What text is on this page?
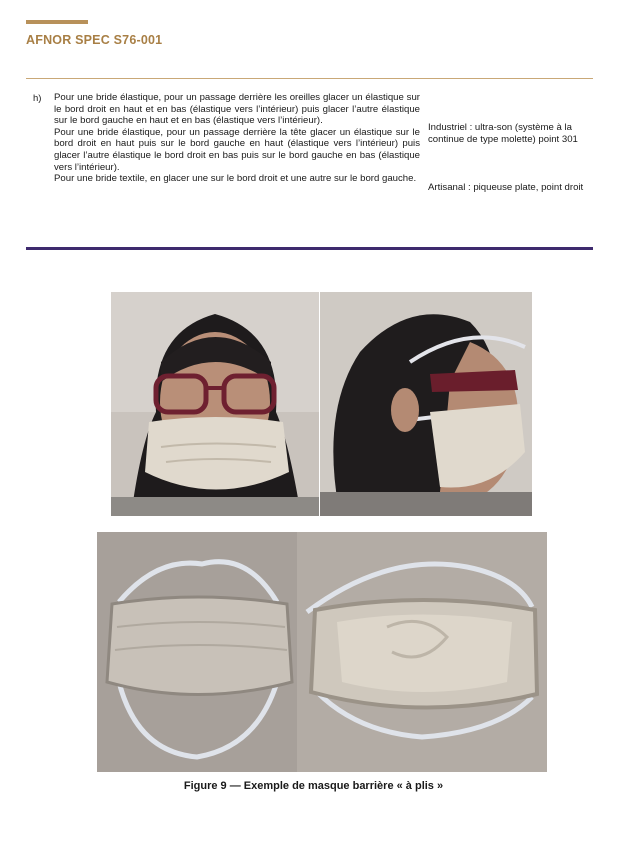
AFNOR SPEC S76-001
h) Pour une bride élastique, pour un passage derrière les oreilles glacer un élastique sur le bord droit en haut et en bas (élastique vers l’intérieur) puis glacer l’autre élastique sur le bord gauche en haut et en bas (élastique vers l’intérieur).

Pour une bride élastique, pour un passage derrière la tête glacer un élastique sur le bord droit en haut puis sur le bord gauche en haut (élastique vers l’intérieur) puis glacer l’autre élastique le bord droit en bas puis sur le bord gauche en bas (élastique vers l’intérieur).

Pour une bride textile, en glacer une sur le bord droit et une autre sur le bord gauche.

Industriel : ultra-son (système à la continue de type molette) point 301
Artisanal : piqueuse plate, point droit
Figure 9 — Exemple de masque barrière « à plis »
